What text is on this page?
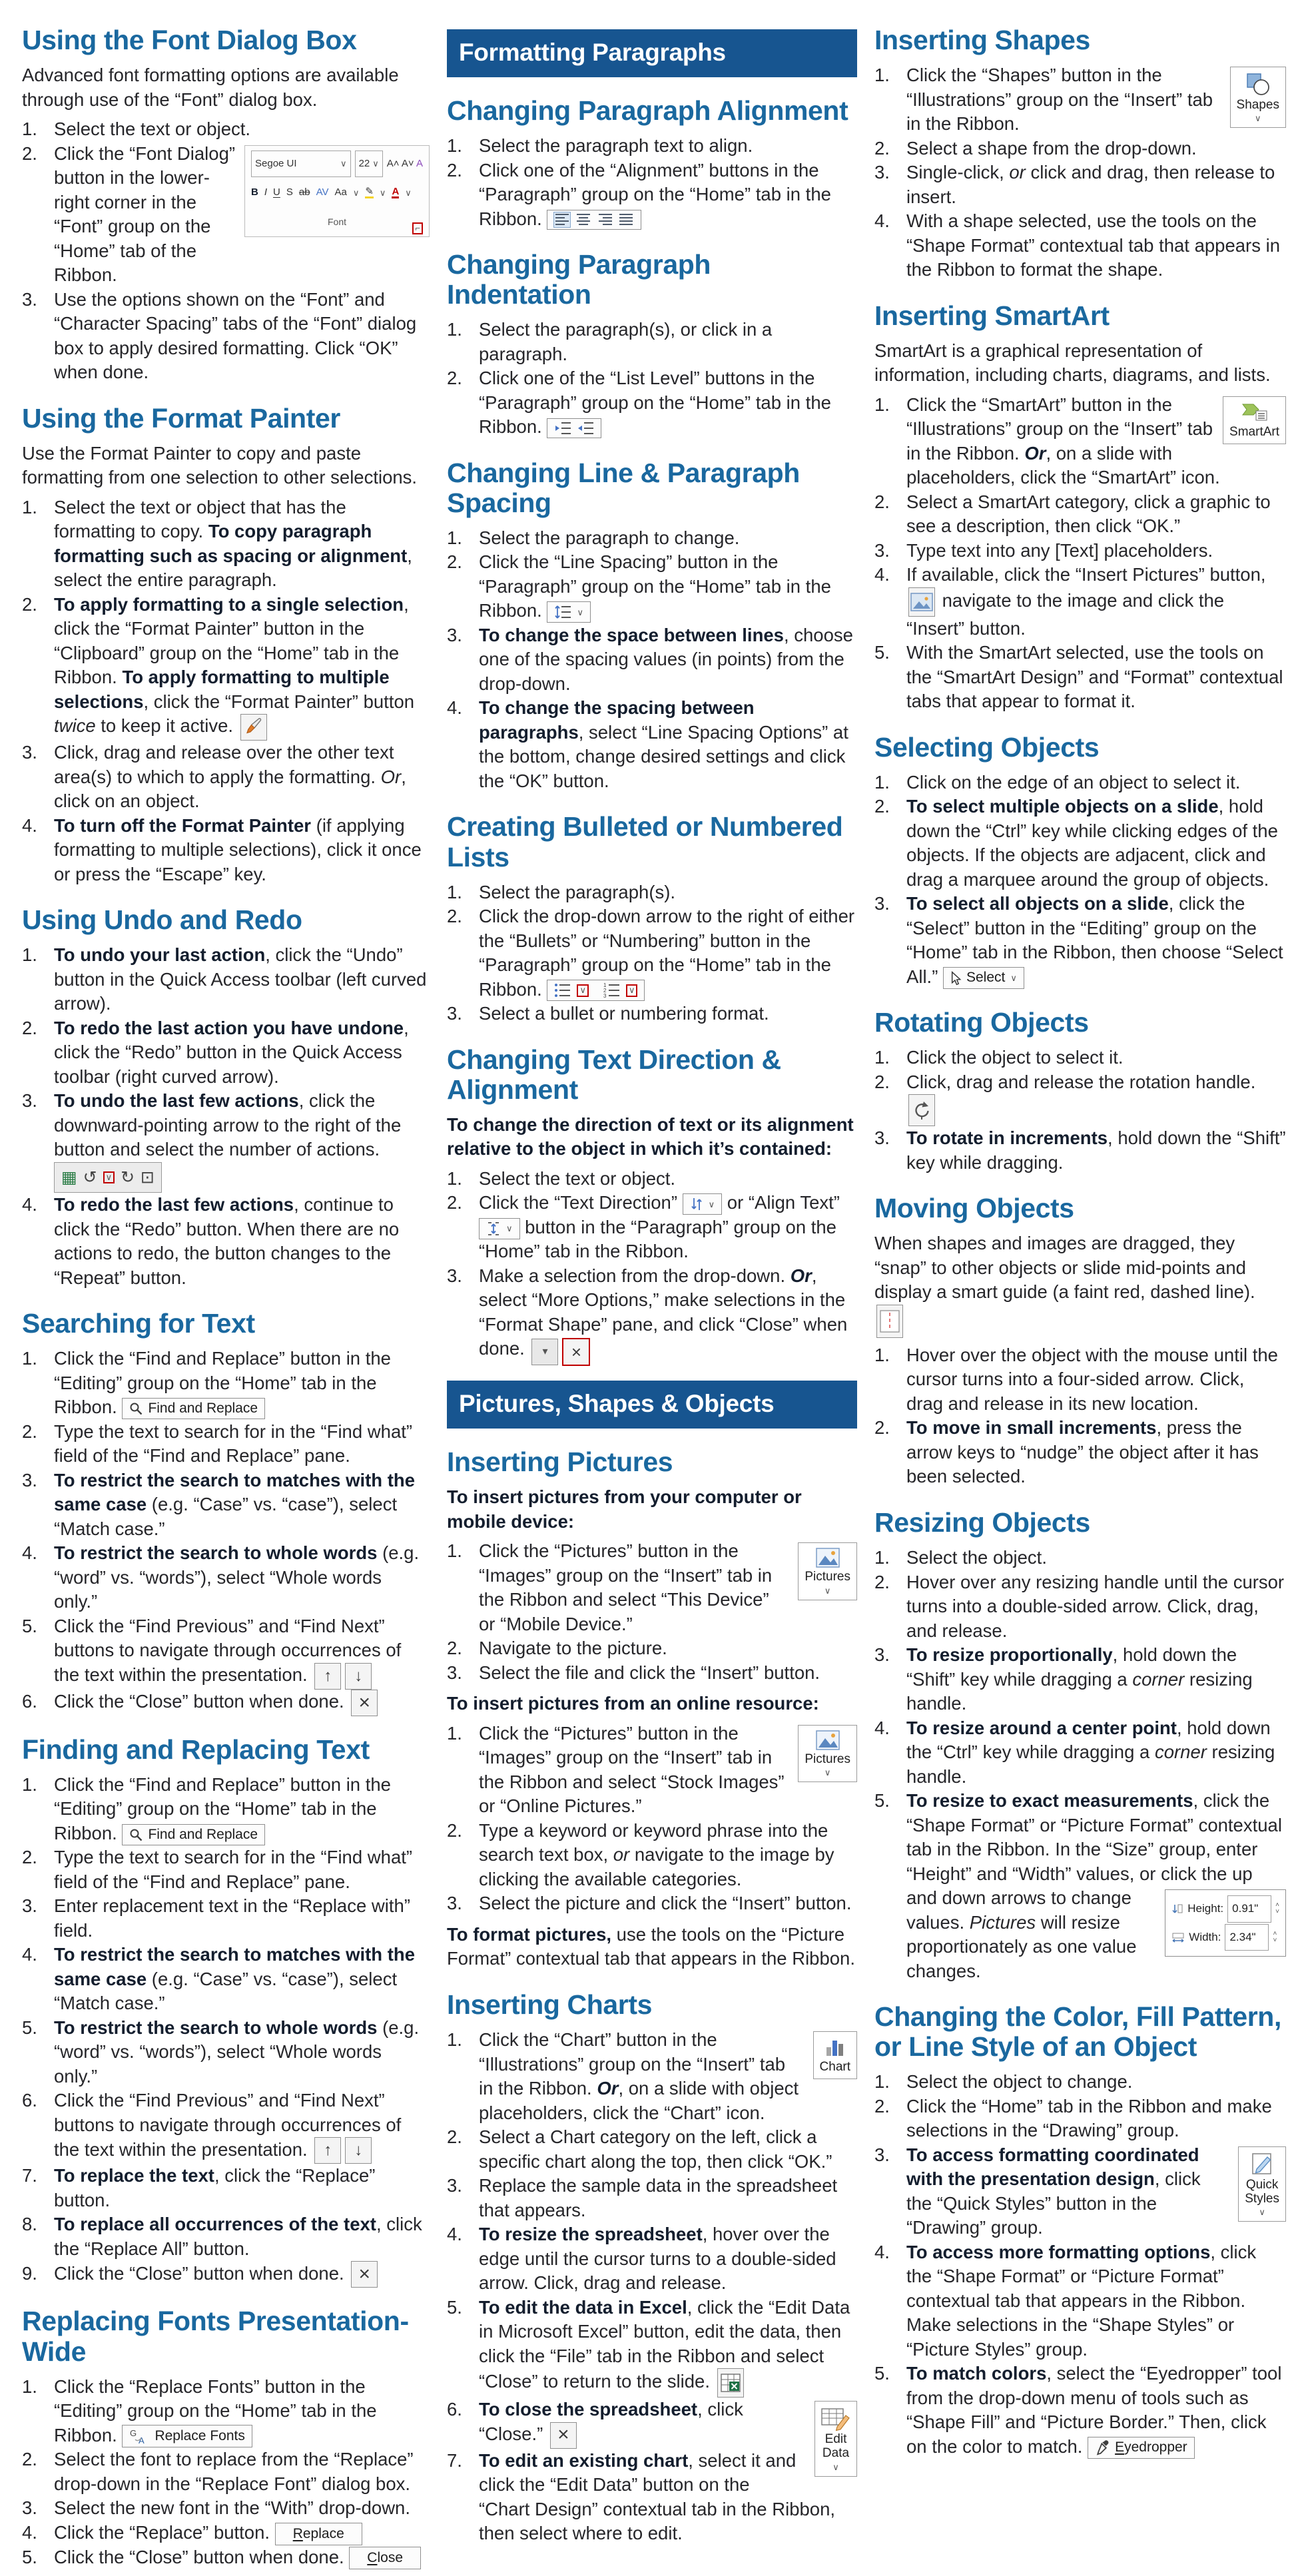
Using the Font Dialog Box

Advanced font formatting options are available through use of the “Font” dialog box.

1. Select the text or object.
2.	Segoe UI	∨ 22 ∨ A˄ A˅ A
B I U S ab AV Aa ∨ ✎ ∨ A ∨
Font
⌐
Click the “Font Dialog” button in the lower-right corner in the “Font” group on the “Home” tab of the Ribbon.
3. Use the options shown on the “Font” and “Character Spacing” tabs of the “Font” dialog box to apply desired formatting. Click “OK” when done.
Using the Format Painter

Use the Format Painter to copy and paste formatting from one selection to other selections.

1. Select the text or object that has the formatting to copy. To copy paragraph formatting such as spacing or alignment, select the entire paragraph.
2. To apply formatting to a single selection, click the “Format Painter” button in the “Clipboard” group on the “Home” tab in the Ribbon. To apply formatting to multiple selections, click the “Format Painter” button twice to keep it active.
3. Click, drag and release over the other text area(s) to which to apply the formatting. Or, click on an object.
4. To turn off the Format Painter (if applying formatting to multiple selections), click it once or press the “Escape” key.
Using Undo and Redo
1. To undo your last action, click the “Undo” button in the Quick Access toolbar (left curved arrow).
2. To redo the last action you have undone, click the “Redo” button in the Quick Access toolbar (right curved arrow).
3. To undo the last few actions, click the downward-pointing arrow to the right of the button and select the number of actions.
▦ ↺	∨ ↻ ⊡
4. To redo the last few actions, continue to click the “Redo” button. When there are no actions to redo, the button changes to the “Repeat” button.
Searching for Text
1. Click the “Find and Replace” button in the “Editing” group on the “Home” tab in the Ribbon. Find and Replace
2. Type the text to search for in the “Find what” field of the “Find and Replace” pane.
3. To restrict the search to matches with the same case (e.g. “Case” vs. “case”), select “Match case.”
4. To restrict the search to whole words (e.g. “word” vs. “words”), select “Whole words only.”
5. Click the “Find Previous” and “Find Next” buttons to navigate through occurrences of the text within the presentation. ↑ ↓
6. Click the “Close” button when done. ×
Finding and Replacing Text
1. Click the “Find and Replace” button in the “Editing” group on the “Home” tab in the Ribbon. Find and Replace
2. Type the text to search for in the “Find what” field of the “Find and Replace” pane.
3. Enter replacement text in the “Replace with” field.
4. To restrict the search to matches with the same case (e.g. “Case” vs. “case”), select “Match case.”
5. To restrict the search to whole words (e.g. “word” vs. “words”), select “Whole words only.”
6. Click the “Find Previous” and “Find Next” buttons to navigate through occurrences of the text within the presentation. ↑ ↓
7. To replace the text, click the “Replace” button.
8. To replace all occurrences of the text, click the “Replace All” button.
9. Click the “Close” button when done. ×
Replacing Fonts Presentation-Wide
1. Click the “Replace Fonts” button in the “Editing” group on the “Home” tab in the Ribbon. G
A Replace Fonts
2. Select the font to replace from the “Replace” drop-down in the “Replace Font” dialog box.
3. Select the new font in the “With” drop-down.
4. Click the “Replace” button. Replace
5. Click the “Close” button when done. Close
Formatting Paragraphs
Changing Paragraph Alignment
1. Select the paragraph text to align.
2. Click one of the “Alignment” buttons in the “Paragraph” group on the “Home” tab in the Ribbon.
Changing Paragraph Indentation
1. Select the paragraph(s), or click in a paragraph.
2. Click one of the “List Level” buttons in the “Paragraph” group on the “Home” tab in the Ribbon.
Changing Line & Paragraph Spacing
1. Select the paragraph to change.
2. Click the “Line Spacing” button in the “Paragraph” group on the “Home” tab in the Ribbon.	∨
3. To change the space between lines, choose one of the spacing values (in points) from the drop-down.
4. To change the spacing between paragraphs, select “Line Spacing Options” at the bottom, change desired settings and click the “OK” button.
Creating Bulleted or Numbered Lists
1. Select the paragraph(s).
2. Click the drop-down arrow to the right of either the “Bullets” or “Numbering” button in the “Paragraph” group on the “Home” tab in the Ribbon.	∨	1
2
3
∨
3. Select a bullet or numbering format.
Changing Text Direction & Alignment

To change the direction of text or its alignment relative to the object in which it’s contained:

1. Select the text or object.
2. Click the “Text Direction”	∨ or “Align Text”
∨ button in the “Paragraph” group on the “Home” tab in the Ribbon.
3. Make a selection from the drop-down. Or, select “More Options,” make selections in the “Format Shape” pane, and click “Close” when done. ▾	×
Pictures, Shapes & Objects
Inserting Pictures

To insert pictures from your computer or mobile device:

1.
Pictures
∨
Click the “Pictures” button in the “Images” group on the “Insert” tab in the Ribbon and select “This Device” or “Mobile Device.”
2. Navigate to the picture.
3. Select the file and click the “Insert” button.

To insert pictures from an online resource:

1.
Pictures
∨
Click the “Pictures” button in the “Images” group on the “Insert” tab in the Ribbon and select “Stock Images” or “Online Pictures.”
2. Type a keyword or keyword phrase into the search text box, or navigate to the image by clicking the available categories.
3. Select the picture and click the “Insert” button.

To format pictures, use the tools on the “Picture Format” contextual tab that appears in the Ribbon.

Inserting Charts
1.
Chart
Click the “Chart” button in the “Illustrations” group on the “Insert” tab in the Ribbon. Or, on a slide with object placeholders, click the “Chart” icon.
2. Select a Chart category on the left, click a specific chart along the top, then click “OK.”
3. Replace the sample data in the spreadsheet that appears.
4. To resize the spreadsheet, hover over the edge until the cursor turns to a double-sided arrow. Click, drag and release.
5. To edit the data in Excel, click the “Edit Data in Microsoft Excel” button, edit the data, then click the “File” tab in the Ribbon and select “Close” to return to the slide.
6.
Edit
Data
∨
To close the spreadsheet, click “Close.” ×
7. To edit an existing chart, select it and click the “Edit Data” button on the “Chart Design” contextual tab in the Ribbon, then select where to edit.
Inserting Shapes
1.
Shapes
∨
Click the “Shapes” button in the “Illustrations” group on the “Insert” tab in the Ribbon.
2. Select a shape from the drop-down.
3. Single-click, or click and drag, then release to insert.
4. With a shape selected, use the tools on the “Shape Format” contextual tab that appears in the Ribbon to format the shape.
Inserting SmartArt

SmartArt is a graphical representation of information, including charts, diagrams, and lists.

1.
SmartArt
Click the “SmartArt” button in the “Illustrations” group on the “Insert” tab in the Ribbon. Or, on a slide with placeholders, click the “SmartArt” icon.
2. Select a SmartArt category, click a graphic to see a description, then click “OK.”
3. Type text into any [Text] placeholders.
4. If available, click the “Insert Pictures” button,
navigate to the image and click the “Insert” button.
5. With the SmartArt selected, use the tools on the “SmartArt Design” and “Format” contextual tabs that appear to format it.
Selecting Objects
1. Click on the edge of an object to select it.
2. To select multiple objects on a slide, hold down the “Ctrl” key while clicking edges of the objects. If the objects are adjacent, click and drag a marquee around the group of objects.
3. To select all objects on a slide, click the “Select” button in the “Editing” group on the “Home” tab in the Ribbon, then choose “Select All.” Select ∨
Rotating Objects
1. Click the object to select it.
2. Click, drag and release the rotation handle.
3. To rotate in increments, hold down the “Shift” key while dragging.
Moving Objects

When shapes and images are dragged, they “snap” to other objects or slide mid-points and display a smart guide (a faint red, dashed line).

1. Hover over the object with the mouse until the cursor turns into a four-sided arrow. Click, drag and release in its new location.
2. To move in small increments, press the arrow keys to “nudge” the object after it has been selected.
Resizing Objects
1. Select the object.
2. Hover over any resizing handle until the cursor turns into a double-sided arrow. Click, drag, and release.
3. To resize proportionally, hold down the “Shift” key while dragging a corner resizing handle.
4. To resize around a center point, hold down the “Ctrl” key while dragging a corner resizing handle.
5. To resize to exact measurements, click the “Shape Format” or “Picture Format” contextual tab in the Ribbon. In the “Size” group, enter “Height” and “Width” values, or click the up and down arrows
Height: 0.91"	˄
˅
Width: 2.34"	˄
˅
to change values. Pictures will resize proportionately as one value changes.
Changing the Color, Fill Pattern, or Line Style of an Object
1. Select the object to change.
2. Click the “Home” tab in the Ribbon and make selections in the “Drawing” group.
3.
Quick
Styles
∨
To access formatting coordinated with the presentation design, click the “Quick Styles” button in the “Drawing” group.
4. To access more formatting options, click the “Shape Format” or “Picture Format” contextual tab that appears in the Ribbon. Make selections in the “Shape Styles” or “Picture Styles” group.
5. To match colors, select the “Eyedropper” tool from the drop-down menu of tools such as “Shape Fill” and “Picture Border.” Then, click on the color to match. Eyedropper
